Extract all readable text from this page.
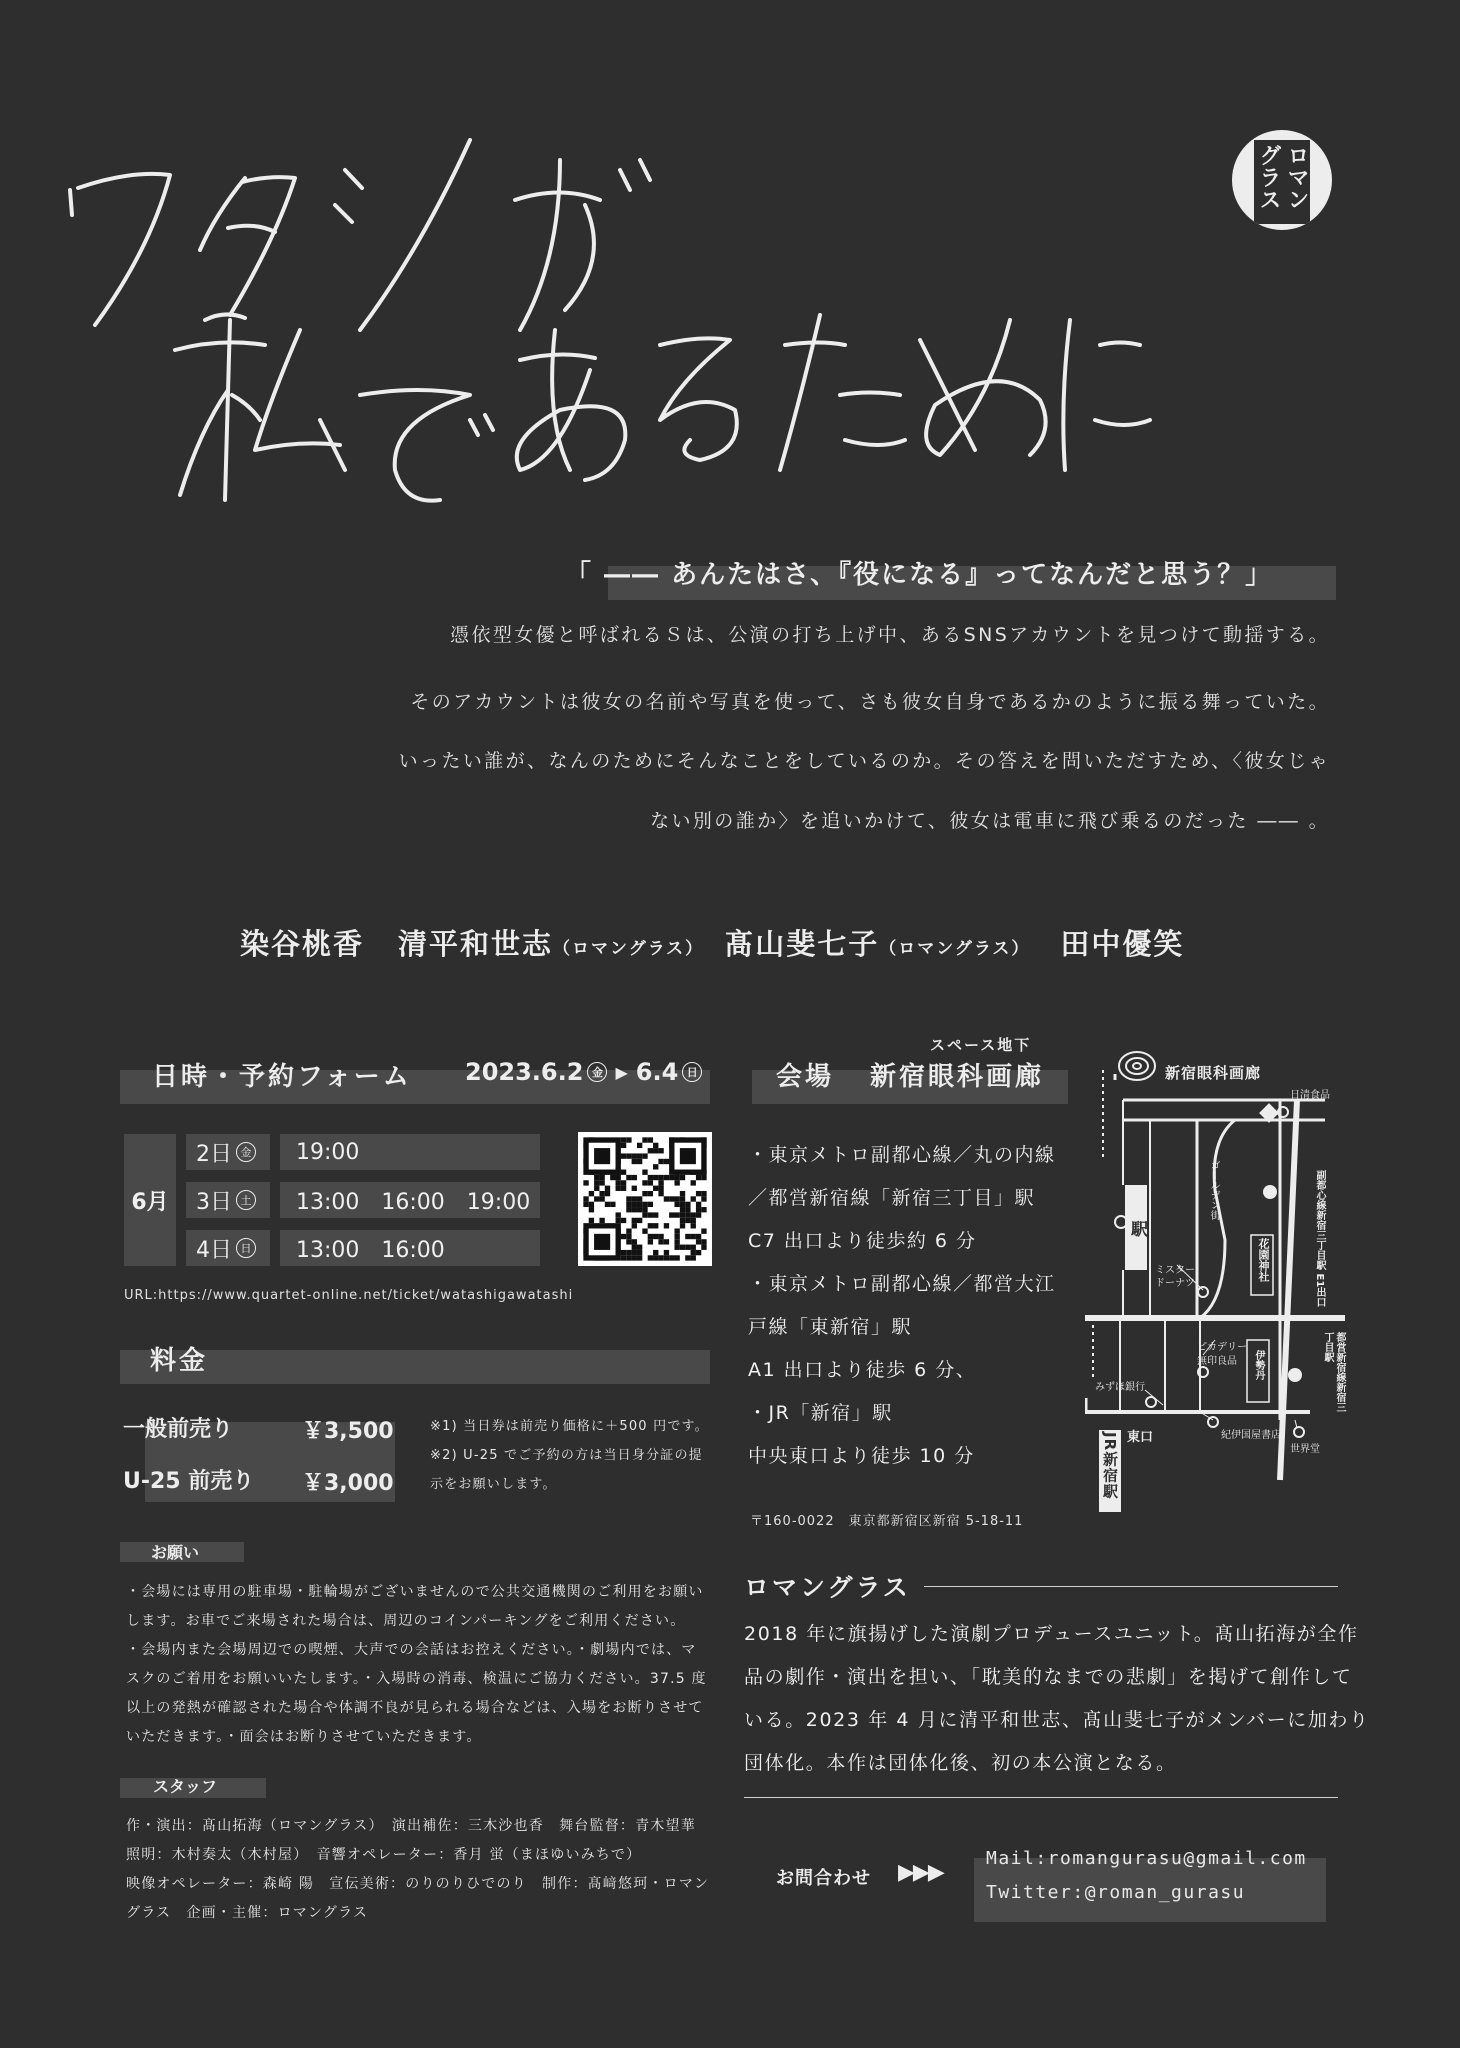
ロマン
グラス
「 ―― あんたはさ、『役になる』ってなんだと思う？」
憑依型女優と呼ばれるＳは、公演の打ち上げ中、あるSNSアカウントを見つけて動揺する。
そのアカウントは彼女の名前や写真を使って、さも彼女自身であるかのように振る舞っていた。
いったい誰が、なんのためにそんなことをしているのか。その答えを問いただすため、〈彼女じゃ
ない別の誰か〉を追いかけて、彼女は電車に飛び乗るのだった ―― 。
染谷桃香 清平和世志（ロマングラス） 髙山斐七子（ロマングラス） 田中優笑
日時・予約フォーム 2023.6.2 金 ▶ 6.4 日
6月
2日 金	19:00
3日 土	13:00　16:00　19:00
4日 日	13:00　16:00
URL:https://www.quartet-online.net/ticket/watashigawatashi
料金
一般前売り	￥3,500
U-25 前売り ￥3,000
※1) 当日券は前売り価格に＋500 円です。
※2) U-25 でご予約の方は当日身分証の提
示をお願いします。
お願い
・会場には専用の駐車場・駐輪場がございませんので公共交通機関のご利用をお願い
します。お車でご来場された場合は、周辺のコインパーキングをご利用ください。
・会場内また会場周辺での喫煙、大声での会話はお控えください。・劇場内では、マ
スクのご着用をお願いいたします。・入場時の消毒、検温にご協力ください。37.5 度
以上の発熱が確認された場合や体調不良が見られる場合などは、入場をお断りさせて
いただきます。・面会はお断りさせていただきます。
スタッフ
作・演出：髙山拓海（ロマングラス）　演出補佐：三木沙也香　舞台監督：青木望華
照明：木村奏太（木村屋）　音響オペレーター：香月 蛍（まほゆいみちで）
映像オペレーター：森崎 陽　宣伝美術：のりのりひでのり　制作：髙﨑悠珂・ロマン
グラス　企画・主催：ロマングラス
スペース地下
会場 新宿眼科画廊
・東京メトロ副都心線／丸の内線
／都営新宿線「新宿三丁目」駅
C7 出口より徒歩約 6 分
・東京メトロ副都心線／都営大江
戸線「東新宿」駅
A1 出口より徒歩 6 分、
・JR「新宿」駅
中央東口より徒歩 10 分
〒160-0022　東京都新宿区新宿 5-18-11
新宿眼科画廊
日清食品
西武新宿駅
ゴールデン街
ミスタードーナツ
花園神社	副都心線新宿三丁目駅 E1出口
ピカデリー
無印良品 伊勢丹	都営新宿線新宿三丁目駅
みずほ銀行
紀伊国屋書店
世界堂
JR新宿駅 東口
ロマングラス
2018 年に旗揚げした演劇プロデュースユニット。髙山拓海が全作
品の劇作・演出を担い、「耽美的なまでの悲劇」を掲げて創作して
いる。2023 年 4 月に清平和世志、髙山斐七子がメンバーに加わり
団体化。本作は団体化後、初の本公演となる。
お問合わせ ▶▶▶
Mail:romangurasu@gmail.com
Twitter:@roman_gurasu
